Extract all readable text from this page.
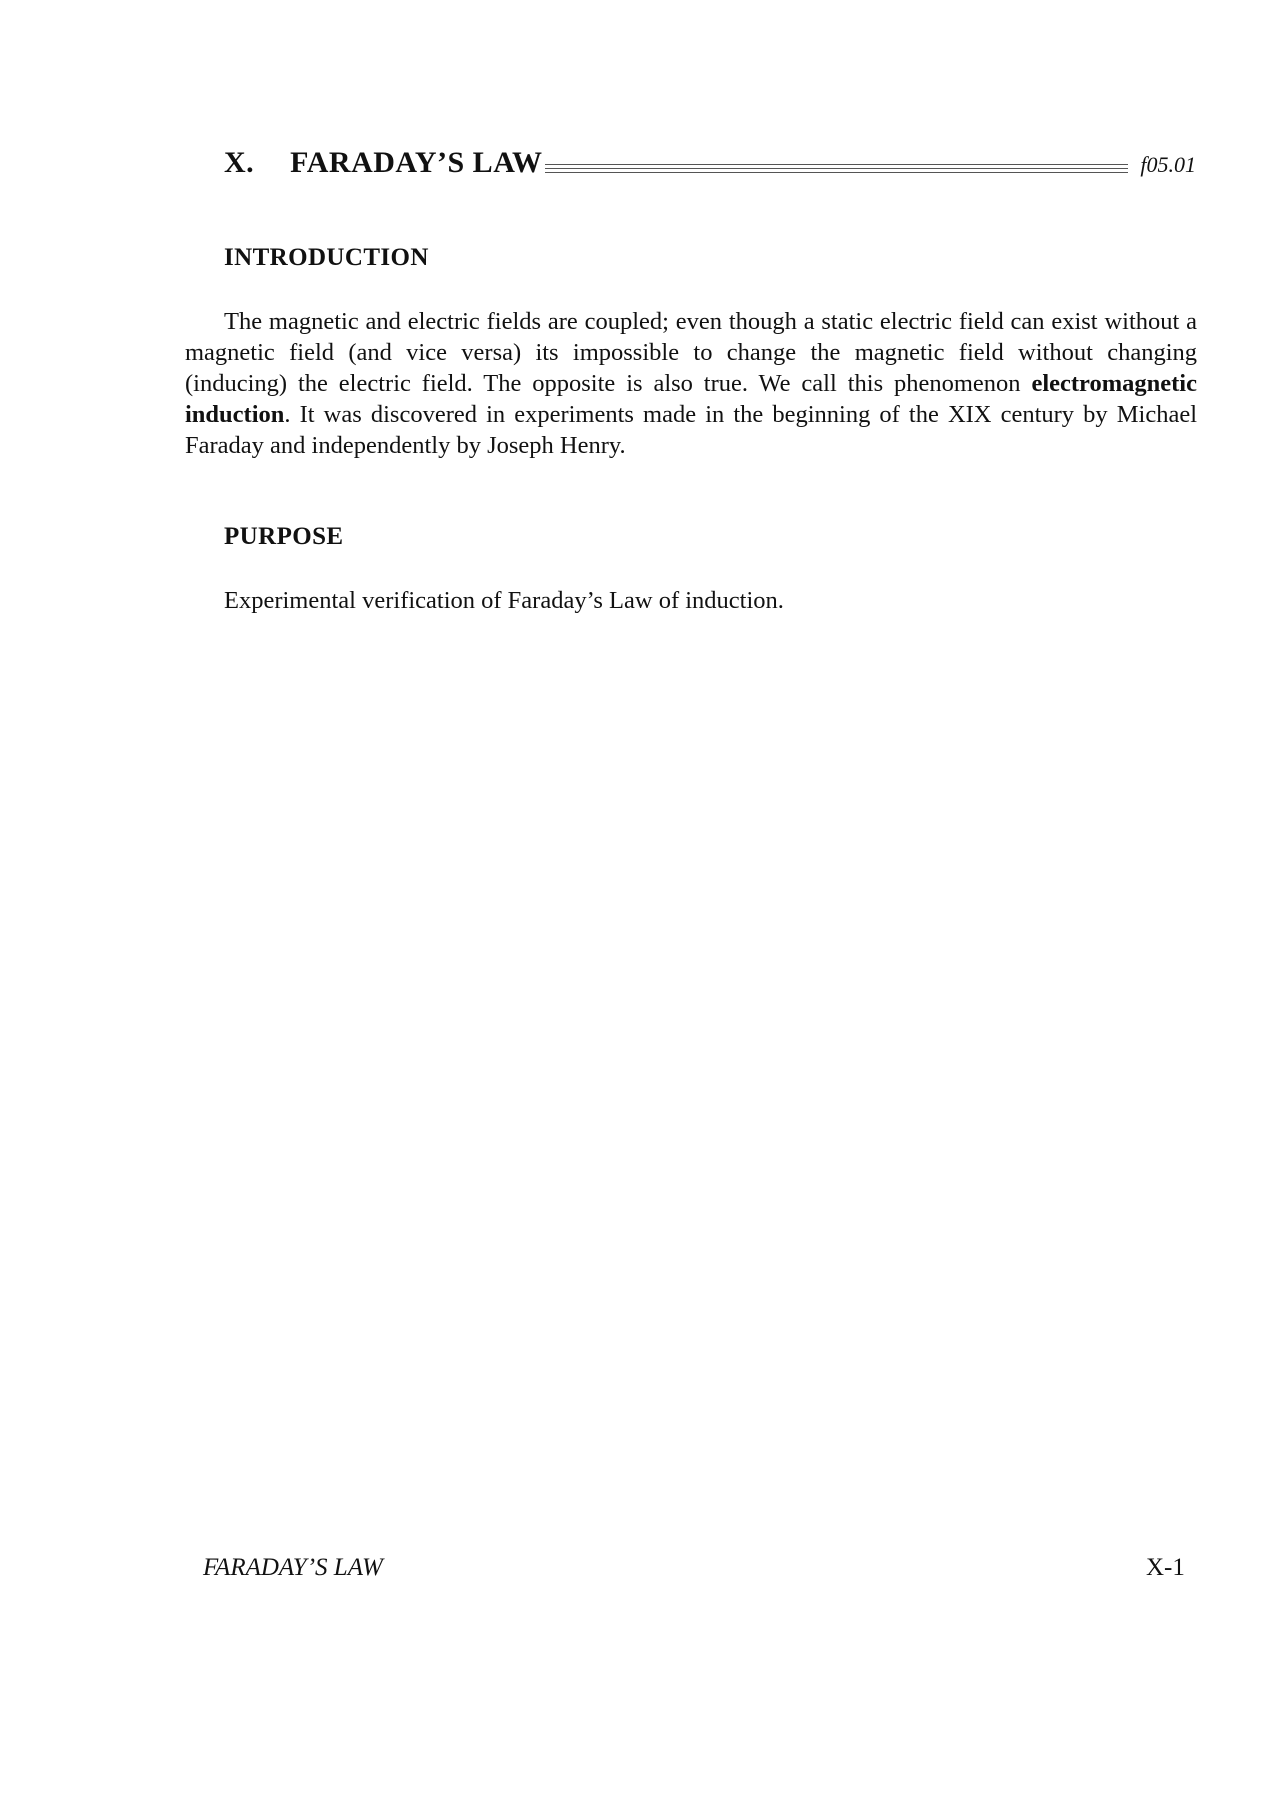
X. FARADAY’S LAW	f05.01
INTRODUCTION

The magnetic and electric fields are coupled; even though a static electric field can exist without a magnetic field (and vice versa) its impossible to change the magnetic field without changing (inducing) the electric field. The opposite is also true. We call this phenomenon electromagnetic induction. It was discovered in experiments made in the beginning of the XIX century by Michael Faraday and independently by Joseph Henry.

PURPOSE

Experimental verification of Faraday’s Law of induction.

FARADAY’S LAW	X-1
